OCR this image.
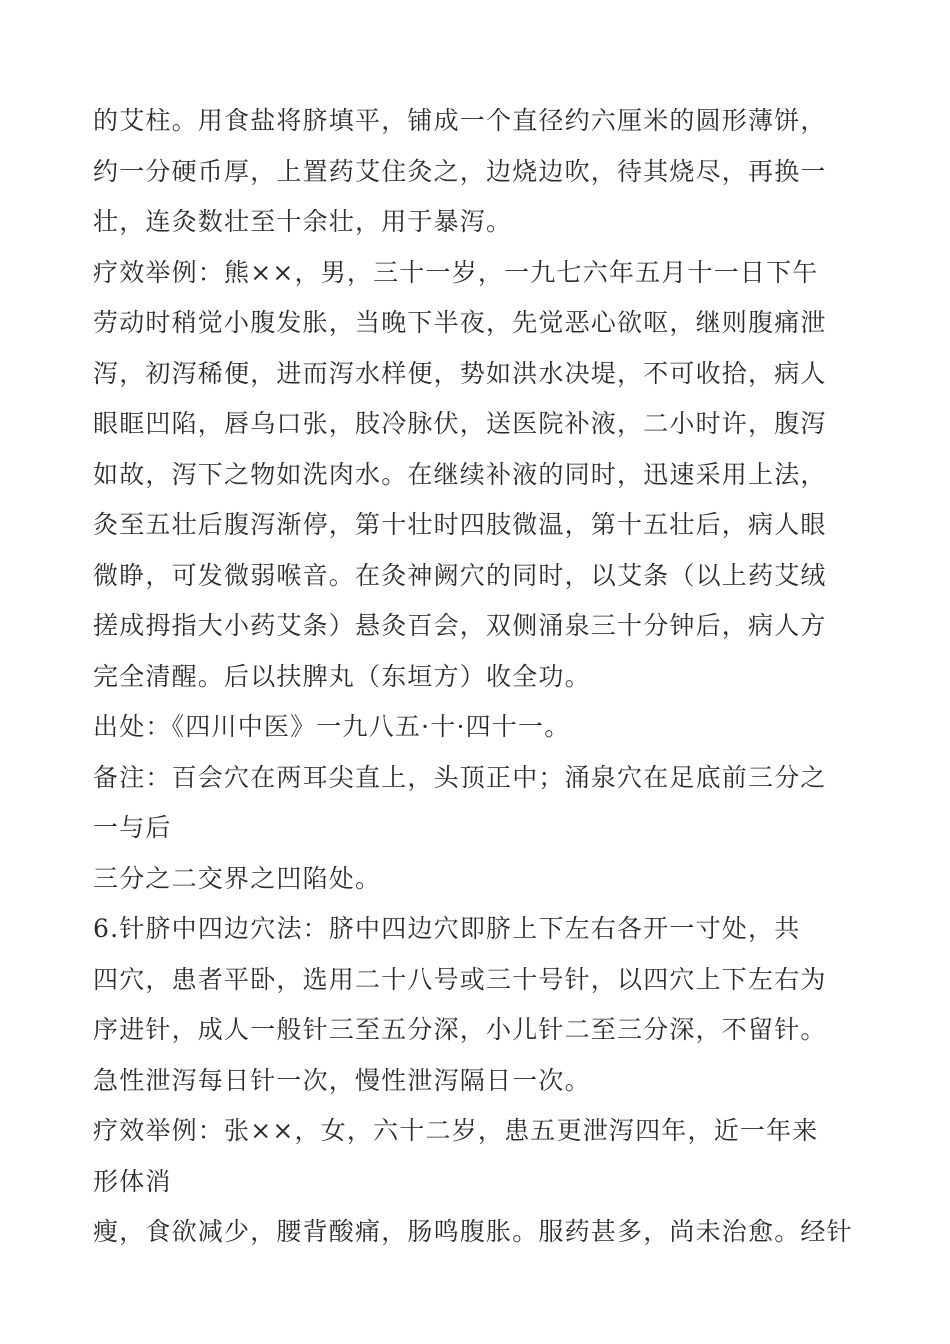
的艾柱。用食盐将脐填平，铺成一个直径约六厘米的圆形薄饼，
约一分硬币厚，上置药艾住灸之，边烧边吹，待其烧尽，再换一
壮，连灸数壮至十余壮，用于暴泻。
疗效举例：熊××，男，三十一岁，一九七六年五月十一日下午
劳动时稍觉小腹发胀，当晚下半夜，先觉恶心欲呕，继则腹痛泄
泻，初泻稀便，进而泻水样便，势如洪水决堤，不可收拾，病人
眼眶凹陷，唇乌口张，肢冷脉伏，送医院补液，二小时许，腹泻
如故，泻下之物如洗肉水。在继续补液的同时，迅速采用上法，
灸至五壮后腹泻渐停，第十壮时四肢微温，第十五壮后，病人眼
微睁，可发微弱喉音。在灸神阙穴的同时，以艾条（以上药艾绒
搓成拇指大小药艾条）悬灸百会，双侧涌泉三十分钟后，病人方
完全清醒。后以扶脾丸（东垣方）收全功。
出处：《四川中医》一九八五·十·四十一。
备注：百会穴在两耳尖直上，头顶正中；涌泉穴在足底前三分之
一与后
三分之二交界之凹陷处。
6.针脐中四边穴法：脐中四边穴即脐上下左右各开一寸处，共
四穴，患者平卧，选用二十八号或三十号针，以四穴上下左右为
序进针，成人一般针三至五分深，小儿针二至三分深，不留针。
急性泄泻每日针一次，慢性泄泻隔日一次。
疗效举例：张××，女，六十二岁，患五更泄泻四年，近一年来
形体消
瘦，食欲减少，腰背酸痛，肠鸣腹胀。服药甚多，尚未治愈。经针
